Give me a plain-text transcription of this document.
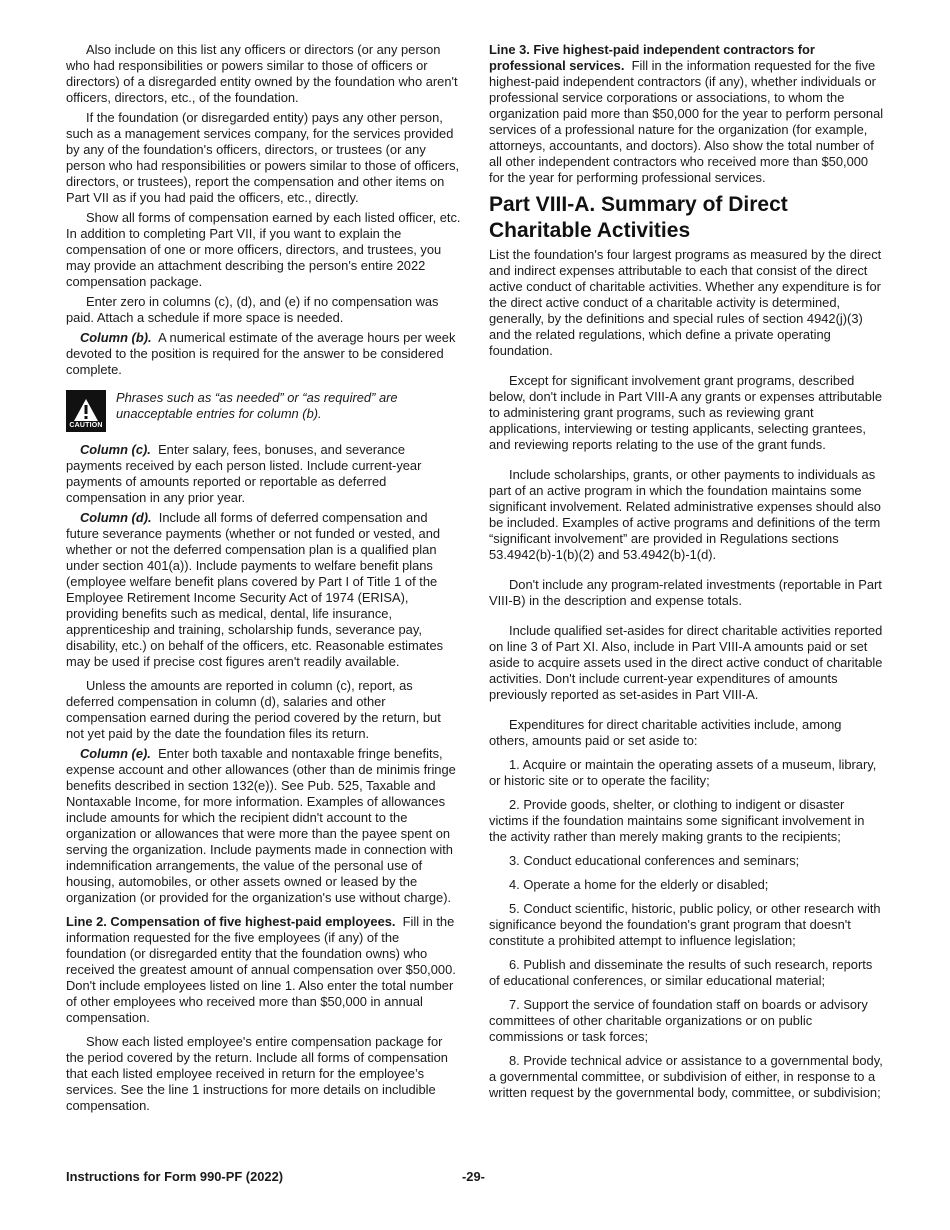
Also include on this list any officers or directors (or any person who had responsibilities or powers similar to those of officers or directors) of a disregarded entity owned by the foundation who aren't officers, directors, etc., of the foundation.

If the foundation (or disregarded entity) pays any other person, such as a management services company, for the services provided by any of the foundation's officers, directors, or trustees (or any person who had responsibilities or powers similar to those of officers, directors, or trustees), report the compensation and other items on Part VII as if you had paid the officers, etc., directly.

Show all forms of compensation earned by each listed officer, etc. In addition to completing Part VII, if you want to explain the compensation of one or more officers, directors, and trustees, you may provide an attachment describing the person's entire 2022 compensation package.

Enter zero in columns (c), (d), and (e) if no compensation was paid. Attach a schedule if more space is needed.

Column (b). A numerical estimate of the average hours per week devoted to the position is required for the answer to be considered complete.

CAUTION

Phrases such as “as needed” or “as required” are unacceptable entries for column (b).

Column (c). Enter salary, fees, bonuses, and severance payments received by each person listed. Include current-year payments of amounts reported or reportable as deferred compensation in any prior year.

Column (d). Include all forms of deferred compensation and future severance payments (whether or not funded or vested, and whether or not the deferred compensation plan is a qualified plan under section 401(a)). Include payments to welfare benefit plans (employee welfare benefit plans covered by Part I of Title 1 of the Employee Retirement Income Security Act of 1974 (ERISA), providing benefits such as medical, dental, life insurance, apprenticeship and training, scholarship funds, severance pay, disability, etc.) on behalf of the officers, etc. Reasonable estimates may be used if precise cost figures aren't readily available.

Unless the amounts are reported in column (c), report, as deferred compensation in column (d), salaries and other compensation earned during the period covered by the return, but not yet paid by the date the foundation files its return.

Column (e). Enter both taxable and nontaxable fringe benefits, expense account and other allowances (other than de minimis fringe benefits described in section 132(e)). See Pub. 525, Taxable and Nontaxable Income, for more information. Examples of allowances include amounts for which the recipient didn't account to the organization or allowances that were more than the payee spent on serving the organization. Include payments made in connection with indemnification arrangements, the value of the personal use of housing, automobiles, or other assets owned or leased by the organization (or provided for the organization's use without charge).

Line 2. Compensation of five highest-paid employees. Fill in the information requested for the five employees (if any) of the foundation (or disregarded entity that the foundation owns) who received the greatest amount of annual compensation over $50,000. Don't include employees listed on line 1. Also enter the total number of other employees who received more than $50,000 in annual compensation.

Show each listed employee's entire compensation package for the period covered by the return. Include all forms of compensation that each listed employee received in return for the employee’s services. See the line 1 instructions for more details on includible compensation.

Line 3. Five highest-paid independent contractors for professional services. Fill in the information requested for the five highest-paid independent contractors (if any), whether individuals or professional service corporations or associations, to whom the organization paid more than $50,000 for the year to perform personal services of a professional nature for the organization (for example, attorneys, accountants, and doctors). Also show the total number of all other independent contractors who received more than $50,000 for the year for performing professional services.

Part VIII-A. Summary of Direct Charitable Activities

List the foundation's four largest programs as measured by the direct and indirect expenses attributable to each that consist of the direct active conduct of charitable activities. Whether any expenditure is for the direct active conduct of a charitable activity is determined, generally, by the definitions and special rules of section 4942(j)(3) and the related regulations, which define a private operating foundation.

Except for significant involvement grant programs, described below, don't include in Part VIII-A any grants or expenses attributable to administering grant programs, such as reviewing grant applications, interviewing or testing applicants, selecting grantees, and reviewing reports relating to the use of the grant funds.

Include scholarships, grants, or other payments to individuals as part of an active program in which the foundation maintains some significant involvement. Related administrative expenses should also be included. Examples of active programs and definitions of the term “significant involvement” are provided in Regulations sections 53.4942(b)-1(b)(2) and 53.4942(b)-1(d).

Don't include any program-related investments (reportable in Part VIII-B) in the description and expense totals.

Include qualified set-asides for direct charitable activities reported on line 3 of Part XI. Also, include in Part VIII-A amounts paid or set aside to acquire assets used in the direct active conduct of charitable activities. Don't include current-year expenditures of amounts previously reported as set-asides in Part VIII-A.

Expenditures for direct charitable activities include, among others, amounts paid or set aside to:

1. Acquire or maintain the operating assets of a museum, library, or historic site or to operate the facility;

2. Provide goods, shelter, or clothing to indigent or disaster victims if the foundation maintains some significant involvement in the activity rather than merely making grants to the recipients;

3. Conduct educational conferences and seminars;

4. Operate a home for the elderly or disabled;

5. Conduct scientific, historic, public policy, or other research with significance beyond the foundation's grant program that doesn't constitute a prohibited attempt to influence legislation;

6. Publish and disseminate the results of such research, reports of educational conferences, or similar educational material;

7. Support the service of foundation staff on boards or advisory committees of other charitable organizations or on public commissions or task forces;

8. Provide technical advice or assistance to a governmental body, a governmental committee, or subdivision of either, in response to a written request by the governmental body, committee, or subdivision;

Instructions for Form 990-PF (2022)	-29-
